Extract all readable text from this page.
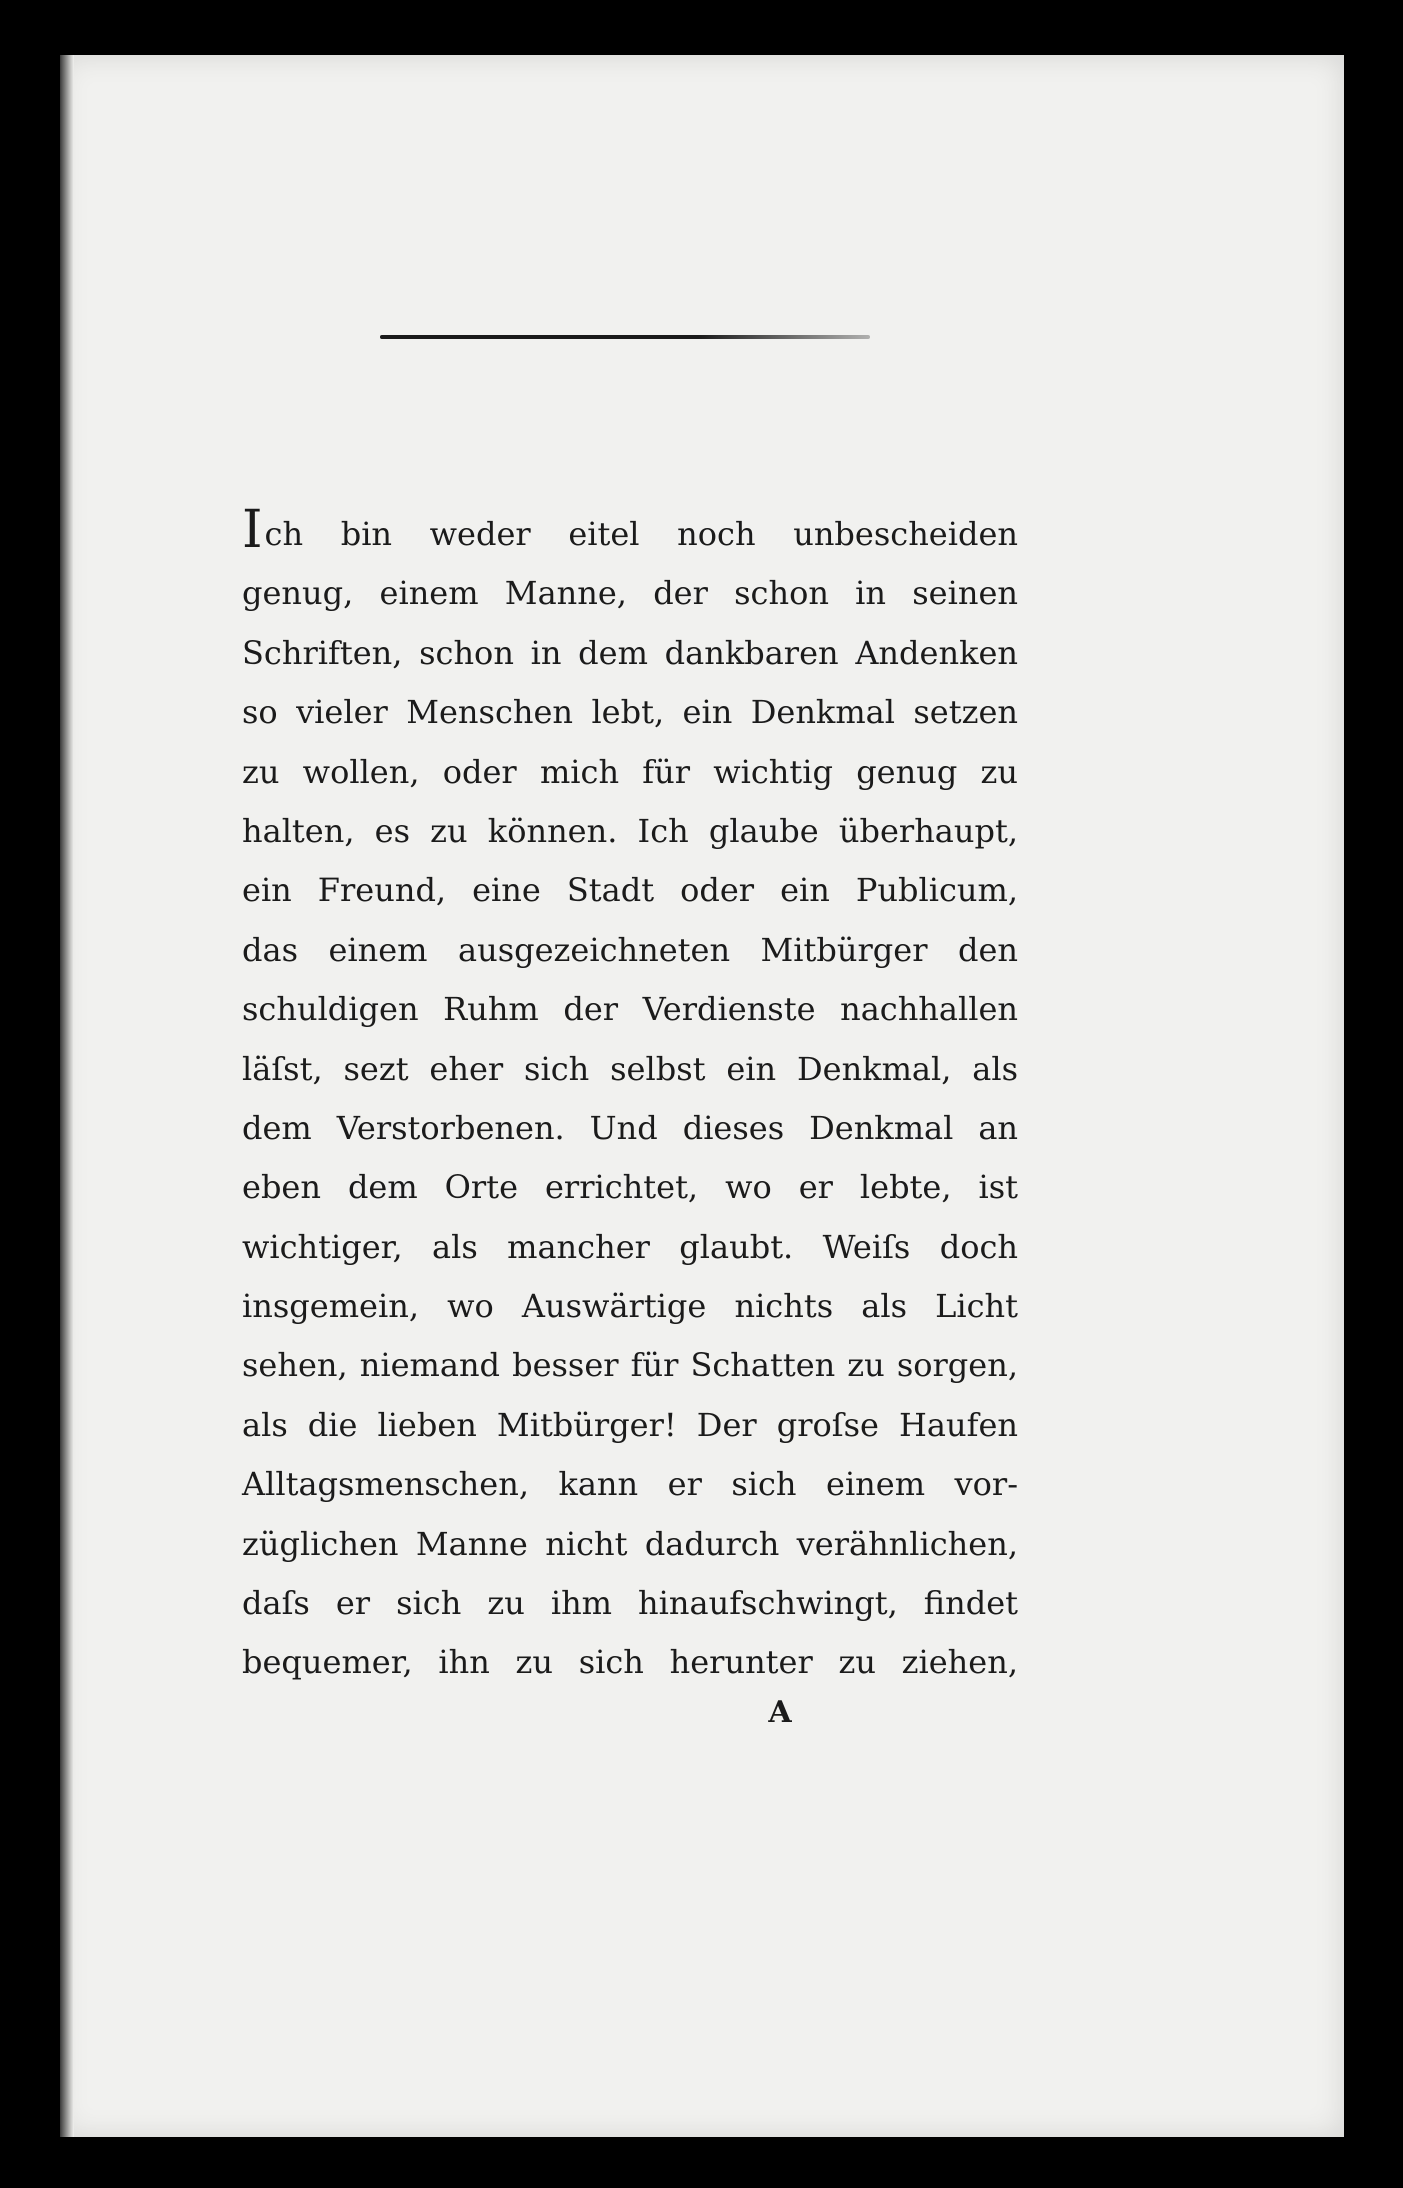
Ich bin weder eitel noch unbescheiden
genug, einem Manne, der schon in seinen
Schriften, schon in dem dankbaren Andenken
so vieler Menschen lebt, ein Denkmal setzen
zu wollen, oder mich für wichtig genug zu
halten, es zu können. Ich glaube überhaupt,
ein Freund, eine Stadt oder ein Publicum,
das einem ausgezeichneten Mitbürger den
schuldigen Ruhm der Verdienste nachhallen
läſst, sezt eher sich selbst ein Denkmal, als
dem Verstorbenen. Und dieses Denkmal an
eben dem Orte errichtet, wo er lebte, ist
wichtiger, als mancher glaubt. Weiſs doch
insgemein, wo Auswärtige nichts als Licht
sehen, niemand besser für Schatten zu sorgen,
als die lieben Mitbürger! Der groſse Haufen
Alltagsmenschen, kann er sich einem vor-
züglichen Manne nicht dadurch verähnlichen,
daſs er sich zu ihm hinaufschwingt, findet
bequemer, ihn zu sich herunter zu ziehen,
A
